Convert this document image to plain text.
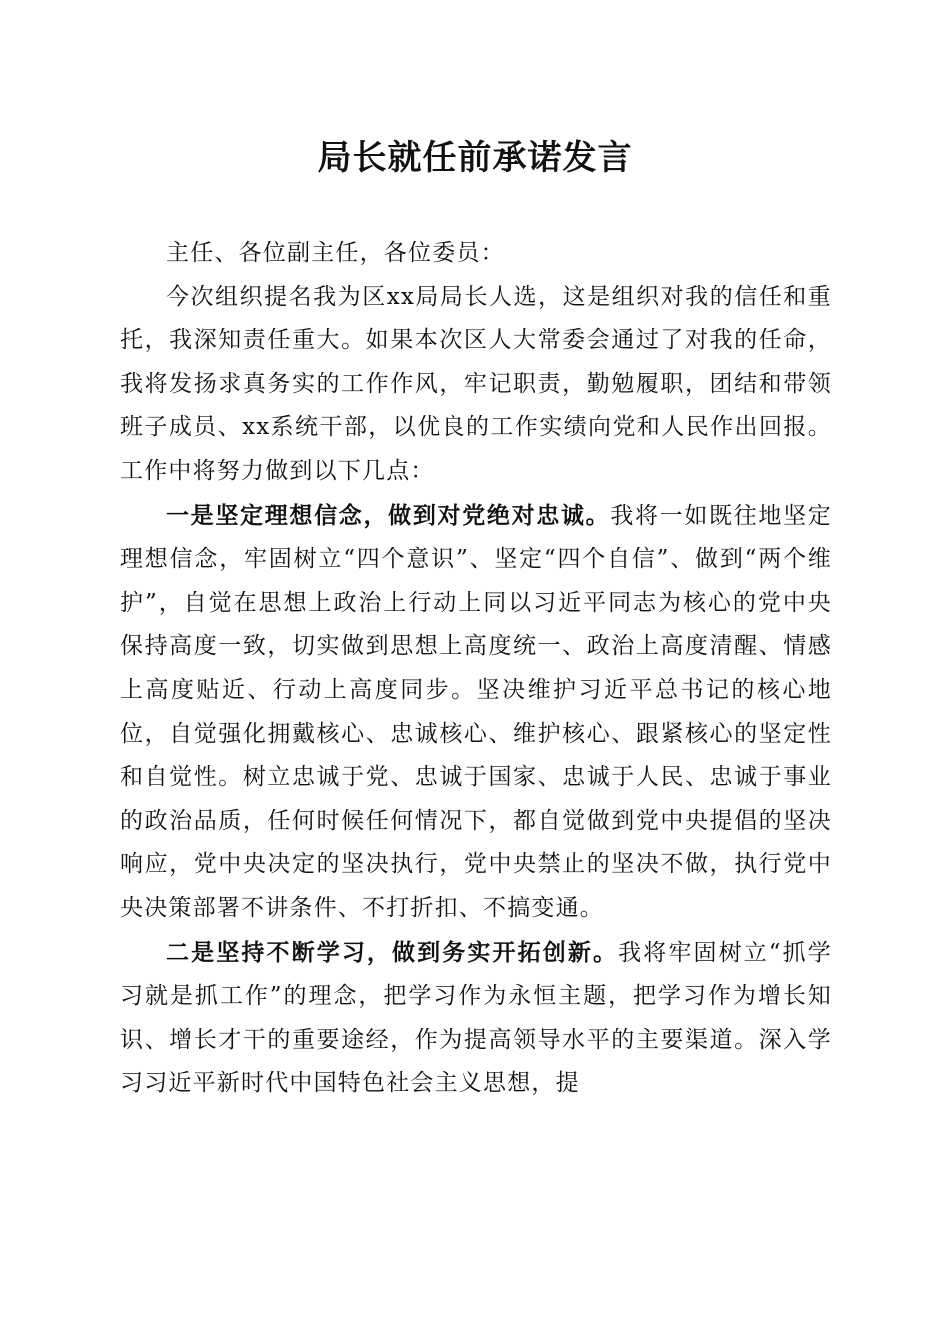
局长就任前承诺发言

主任、各位副主任，各位委员：

今次组织提名我为区xx局局长人选，这是组织对我的信任和重托，我深知责任重大。如果本次区人大常委会通过了对我的任命，我将发扬求真务实的工作作风，牢记职责，勤勉履职，团结和带领班子成员、xx系统干部，以优良的工作实绩向党和人民作出回报。工作中将努力做到以下几点：

一是坚定理想信念，做到对党绝对忠诚。我将一如既往地坚定理想信念，牢固树立“四个意识”、坚定“四个自信”、做到“两个维护”，自觉在思想上政治上行动上同以习近平同志为核心的党中央保持高度一致，切实做到思想上高度统一、政治上高度清醒、情感上高度贴近、行动上高度同步。坚决维护习近平总书记的核心地位，自觉强化拥戴核心、忠诚核心、维护核心、跟紧核心的坚定性和自觉性。树立忠诚于党、忠诚于国家、忠诚于人民、忠诚于事业的政治品质，任何时候任何情况下，都自觉做到党中央提倡的坚决响应，党中央决定的坚决执行，党中央禁止的坚决不做，执行党中央决策部署不讲条件、不打折扣、不搞变通。

二是坚持不断学习，做到务实开拓创新。我将牢固树立“抓学习就是抓工作”的理念，把学习作为永恒主题，把学习作为增长知识、增长才干的重要途经，作为提高领导水平的主要渠道。深入学习习近平新时代中国特色社会主义思想，提
